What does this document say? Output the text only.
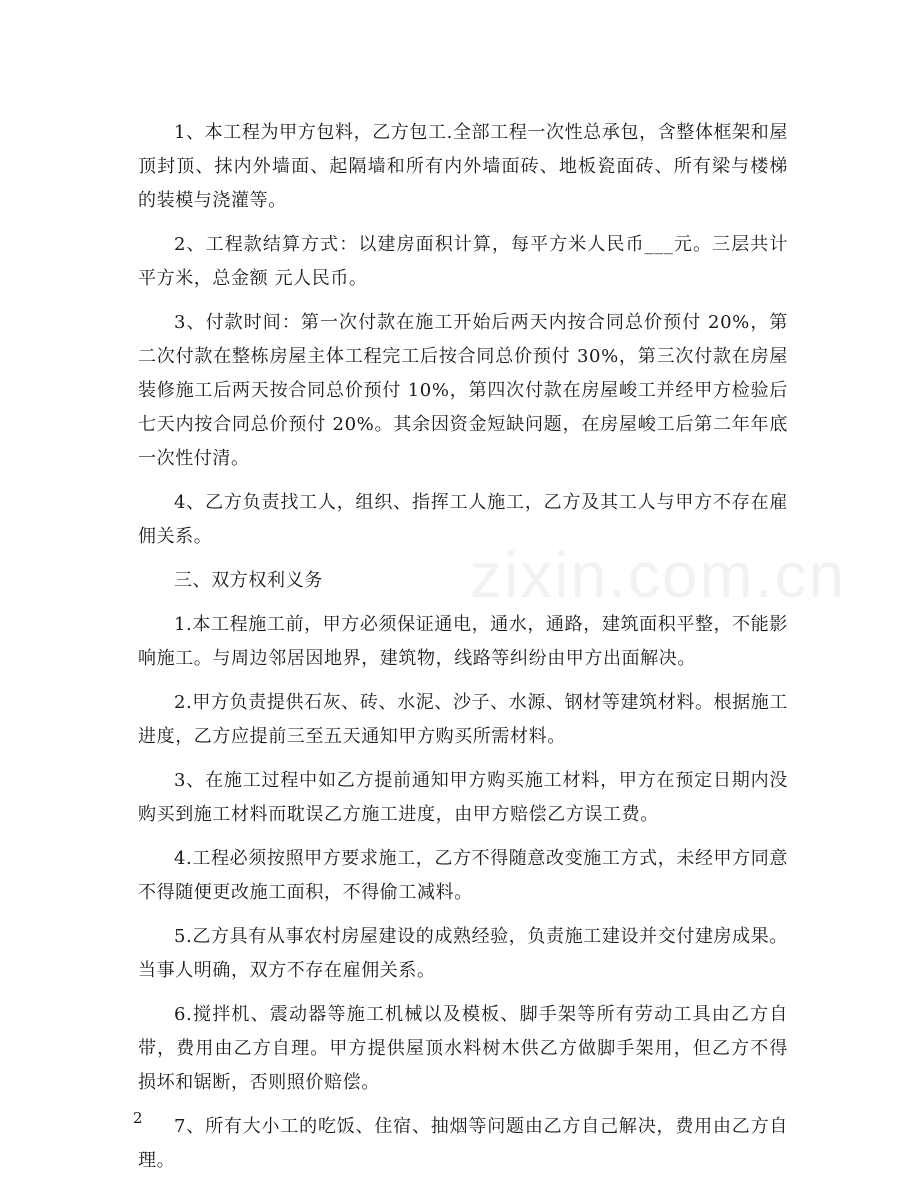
1、本工程为甲方包料，乙方包工.全部工程一次性总承包，含整体框架和屋顶封顶、抹内外墙面、起隔墙和所有内外墙面砖、地板瓷面砖、所有梁与楼梯的装模与浇灌等。

2、工程款结算方式：以建房面积计算，每平方米人民币___元。三层共计 平方米，总金额 元人民币。

3、付款时间：第一次付款在施工开始后两天内按合同总价预付 20%，第二次付款在整栋房屋主体工程完工后按合同总价预付 30%，第三次付款在房屋装修施工后两天按合同总价预付 10%，第四次付款在房屋峻工并经甲方检验后七天内按合同总价预付 20%。其余因资金短缺问题，在房屋峻工后第二年年底一次性付清。

4、乙方负责找工人，组织、指挥工人施工，乙方及其工人与甲方不存在雇佣关系。

三、双方权利义务

1.本工程施工前，甲方必须保证通电，通水，通路，建筑面积平整，不能影响施工。与周边邻居因地界，建筑物，线路等纠纷由甲方出面解决。

2.甲方负责提供石灰、砖、水泥、沙子、水源、钢材等建筑材料。根据施工进度，乙方应提前三至五天通知甲方购买所需材料。

3、在施工过程中如乙方提前通知甲方购买施工材料，甲方在预定日期内没购买到施工材料而耽误乙方施工进度，由甲方赔偿乙方误工费。

4.工程必须按照甲方要求施工，乙方不得随意改变施工方式，未经甲方同意不得随便更改施工面积，不得偷工减料。

5.乙方具有从事农村房屋建设的成熟经验，负责施工建设并交付建房成果。当事人明确，双方不存在雇佣关系。

6.搅拌机、震动器等施工机械以及模板、脚手架等所有劳动工具由乙方自带，费用由乙方自理。甲方提供屋顶水料树木供乙方做脚手架用，但乙方不得损坏和锯断，否则照价赔偿。

7、所有大小工的吃饭、住宿、抽烟等问题由乙方自己解决，费用由乙方自理。

zixin.com.cn
2
